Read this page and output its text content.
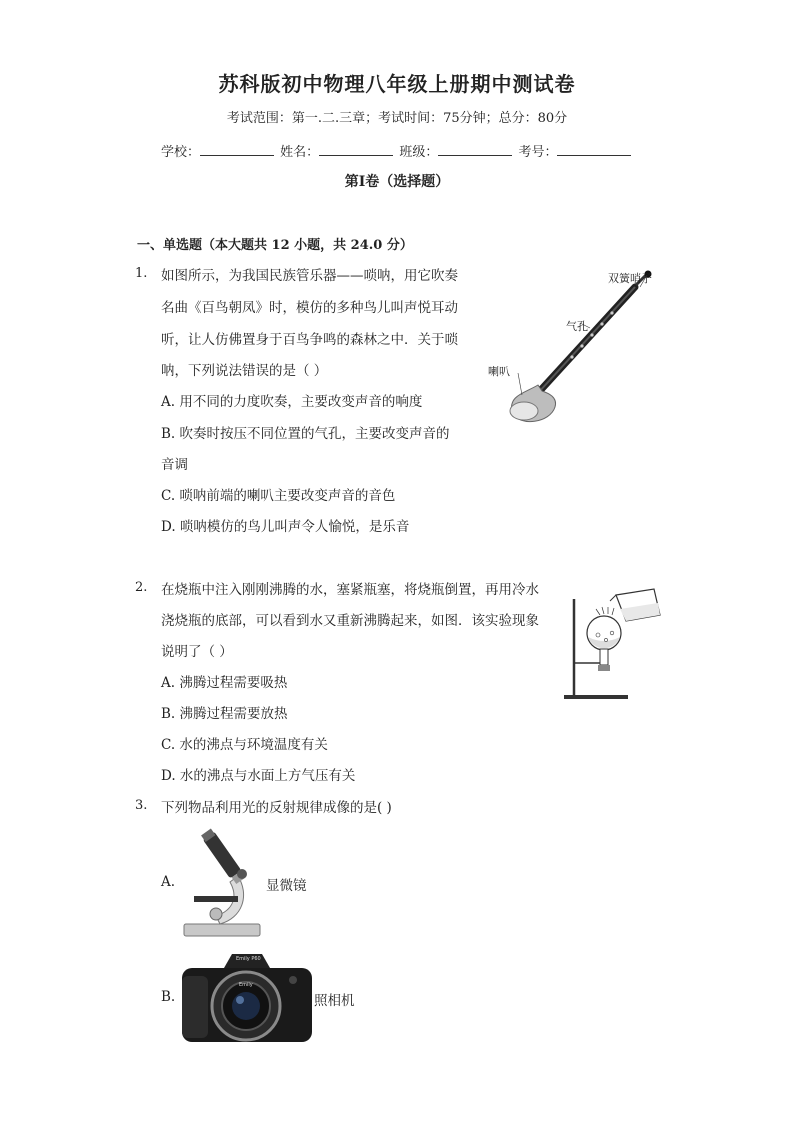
苏科版初中物理八年级上册期中测试卷
考试范围：第一.二.三章；考试时间：75分钟；总分：80分
学校：	姓名：	班级：	考号：
第Ⅰ卷（选择题）
一、单选题（本大题共 12 小题，共 24.0 分）
1. 如图所示，为我国民族管乐器——唢呐，用它吹奏
名曲《百鸟朝凤》时，模仿的多种鸟儿叫声悦耳动
听，让人仿佛置身于百鸟争鸣的森林之中．关于唢
呐，下列说法错误的是（ ）
A. 用不同的力度吹奏，主要改变声音的响度
B. 吹奏时按压不同位置的气孔，主要改变声音的
音调
C. 唢呐前端的喇叭主要改变声音的音色
D. 唢呐模仿的鸟儿叫声令人愉悦，是乐音
双簧哨子
气孔
喇叭
2. 在烧瓶中注入刚刚沸腾的水，塞紧瓶塞，将烧瓶倒置，再用冷水
浇烧瓶的底部，可以看到水又重新沸腾起来，如图．该实验现象
说明了（ ）
A. 沸腾过程需要吸热
B. 沸腾过程需要放热
C. 水的沸点与环境温度有关
D. 水的沸点与水面上方气压有关
3. 下列物品利用光的反射规律成像的是( )
A.	显微镜
B.
Emily P60
Emily
照相机
